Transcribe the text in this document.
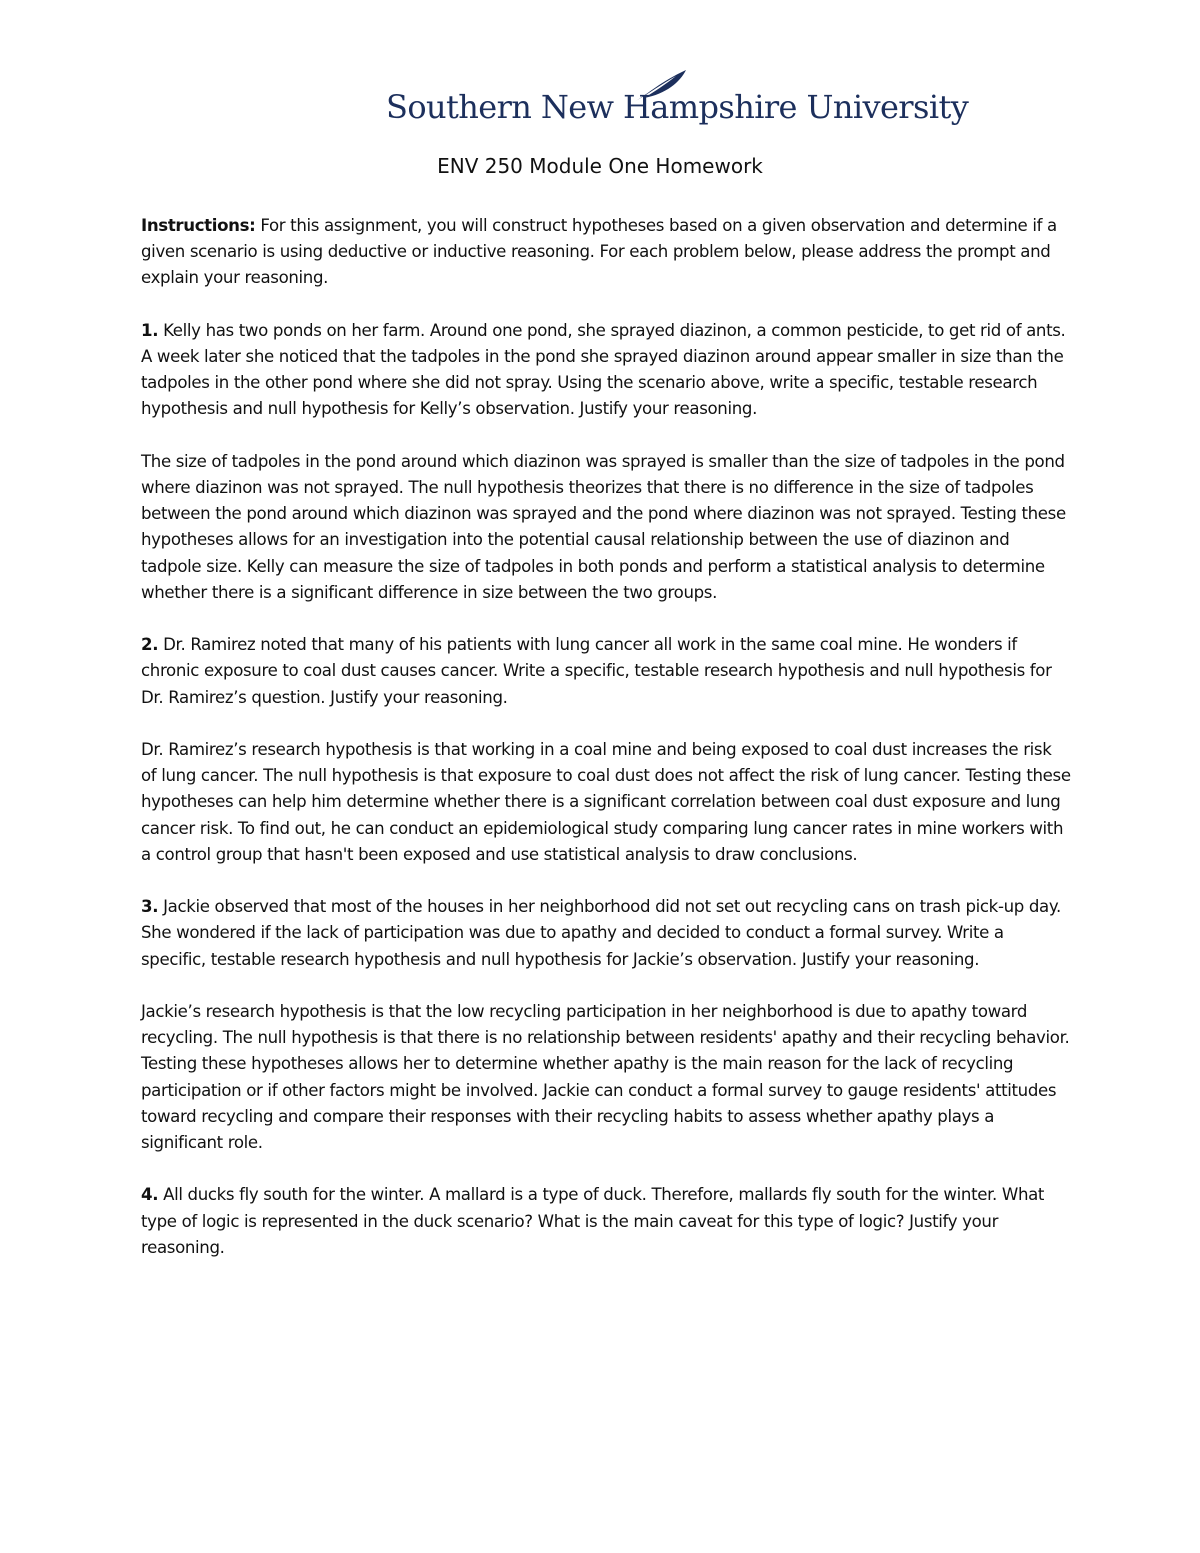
Southern New Hampshire University
ENV 250 Module One Homework

Instructions: For this assignment, you will construct hypotheses based on a given observation and determine if a given scenario is using deductive or inductive reasoning. For each problem below, please address the prompt and explain your reasoning.

1. Kelly has two ponds on her farm. Around one pond, she sprayed diazinon, a common pesticide, to get rid of ants. A week later she noticed that the tadpoles in the pond she sprayed diazinon around appear smaller in size than the tadpoles in the other pond where she did not spray. Using the scenario above, write a specific, testable research hypothesis and null hypothesis for Kelly’s observation. Justify your reasoning.

The size of tadpoles in the pond around which diazinon was sprayed is smaller than the size of tadpoles in the pond where diazinon was not sprayed. The null hypothesis theorizes that there is no difference in the size of tadpoles between the pond around which diazinon was sprayed and the pond where diazinon was not sprayed. Testing these hypotheses allows for an investigation into the potential causal relationship between the use of diazinon and tadpole size. Kelly can measure the size of tadpoles in both ponds and perform a statistical analysis to determine whether there is a significant difference in size between the two groups.

2. Dr. Ramirez noted that many of his patients with lung cancer all work in the same coal mine. He wonders if chronic exposure to coal dust causes cancer. Write a specific, testable research hypothesis and null hypothesis for Dr. Ramirez’s question. Justify your reasoning.

Dr. Ramirez’s research hypothesis is that working in a coal mine and being exposed to coal dust increases the risk of lung cancer. The null hypothesis is that exposure to coal dust does not affect the risk of lung cancer. Testing these hypotheses can help him determine whether there is a significant correlation between coal dust exposure and lung cancer risk. To find out, he can conduct an epidemiological study comparing lung cancer rates in mine workers with a control group that hasn't been exposed and use statistical analysis to draw conclusions.

3. Jackie observed that most of the houses in her neighborhood did not set out recycling cans on trash pick-up day. She wondered if the lack of participation was due to apathy and decided to conduct a formal survey. Write a specific, testable research hypothesis and null hypothesis for Jackie’s observation. Justify your reasoning.

Jackie’s research hypothesis is that the low recycling participation in her neighborhood is due to apathy toward recycling. The null hypothesis is that there is no relationship between residents' apathy and their recycling behavior. Testing these hypotheses allows her to determine whether apathy is the main reason for the lack of recycling participation or if other factors might be involved. Jackie can conduct a formal survey to gauge residents' attitudes toward recycling and compare their responses with their recycling habits to assess whether apathy plays a significant role.

4. All ducks fly south for the winter. A mallard is a type of duck. Therefore, mallards fly south for the winter. What type of logic is represented in the duck scenario? What is the main caveat for this type of logic? Justify your reasoning.
